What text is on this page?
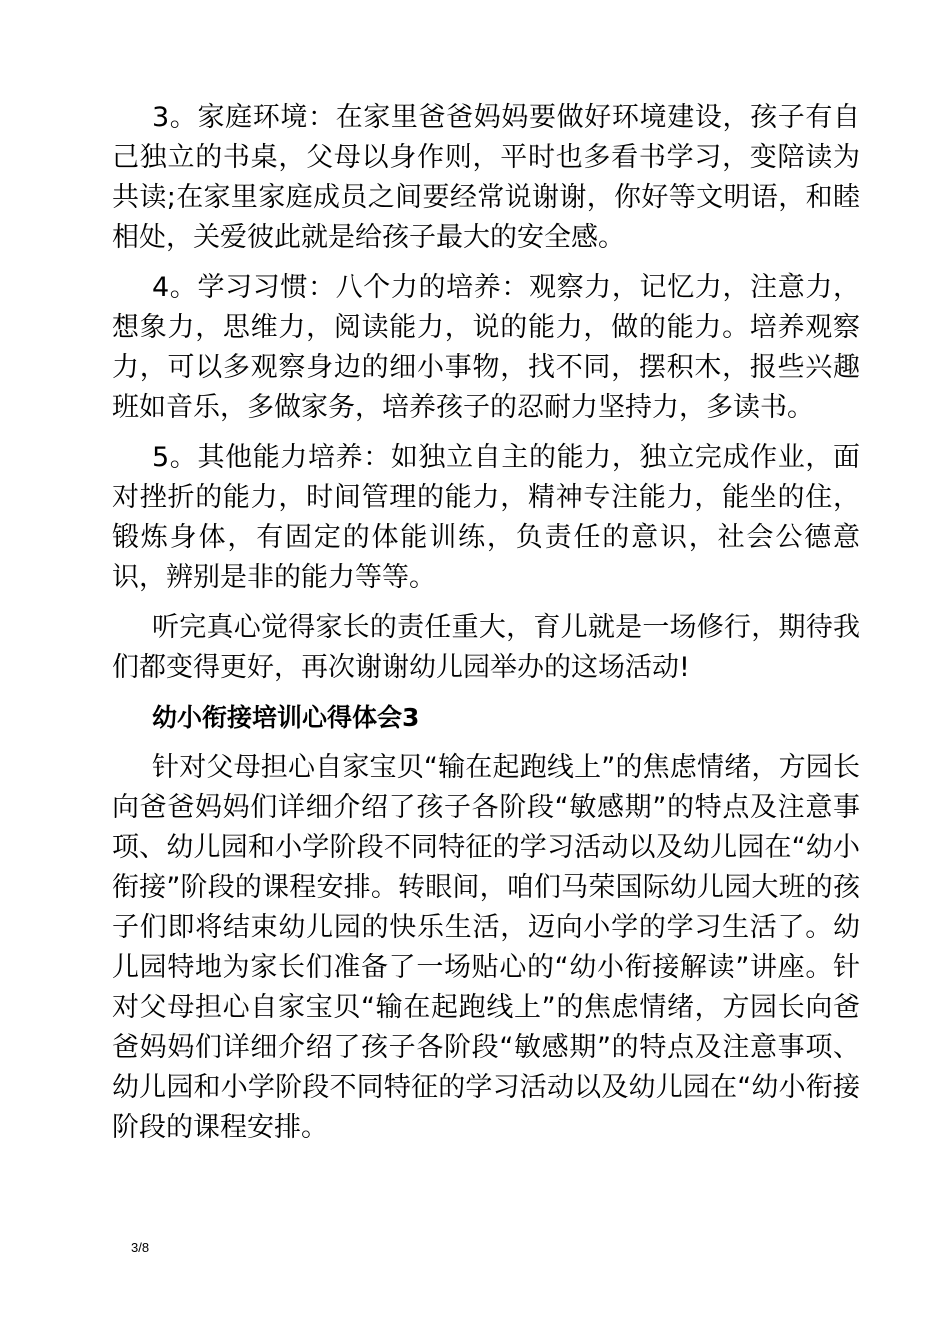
3。家庭环境：在家里爸爸妈妈要做好环境建设，孩子有自己独立的书桌，父母以身作则，平时也多看书学习，变陪读为共读;在家里家庭成员之间要经常说谢谢，你好等文明语，和睦相处，关爱彼此就是给孩子最大的安全感。

4。学习习惯：八个力的培养：观察力，记忆力，注意力，想象力，思维力，阅读能力，说的能力，做的能力。培养观察力，可以多观察身边的细小事物，找不同，摆积木，报些兴趣班如音乐，多做家务，培养孩子的忍耐力坚持力，多读书。

5。其他能力培养：如独立自主的能力，独立完成作业，面对挫折的能力，时间管理的能力，精神专注能力，能坐的住，锻炼身体，有固定的体能训练，负责任的意识，社会公德意识，辨别是非的能力等等。

听完真心觉得家长的责任重大，育儿就是一场修行，期待我们都变得更好，再次谢谢幼儿园举办的这场活动!

幼小衔接培训心得体会3

针对父母担心自家宝贝“输在起跑线上”的焦虑情绪，方园长向爸爸妈妈们详细介绍了孩子各阶段“敏感期”的特点及注意事项、幼儿园和小学阶段不同特征的学习活动以及幼儿园在“幼小衔接”阶段的课程安排。转眼间，咱们马荣国际幼儿园大班的孩子们即将结束幼儿园的快乐生活，迈向小学的学习生活了。幼儿园特地为家长们准备了一场贴心的“幼小衔接解读”讲座。针对父母担心自家宝贝“输在起跑线上”的焦虑情绪，方园长向爸爸妈妈们详细介绍了孩子各阶段“敏感期”的特点及注意事项、幼儿园和小学阶段不同特征的学习活动以及幼儿园在“幼小衔接阶段的课程安排。

3/8
